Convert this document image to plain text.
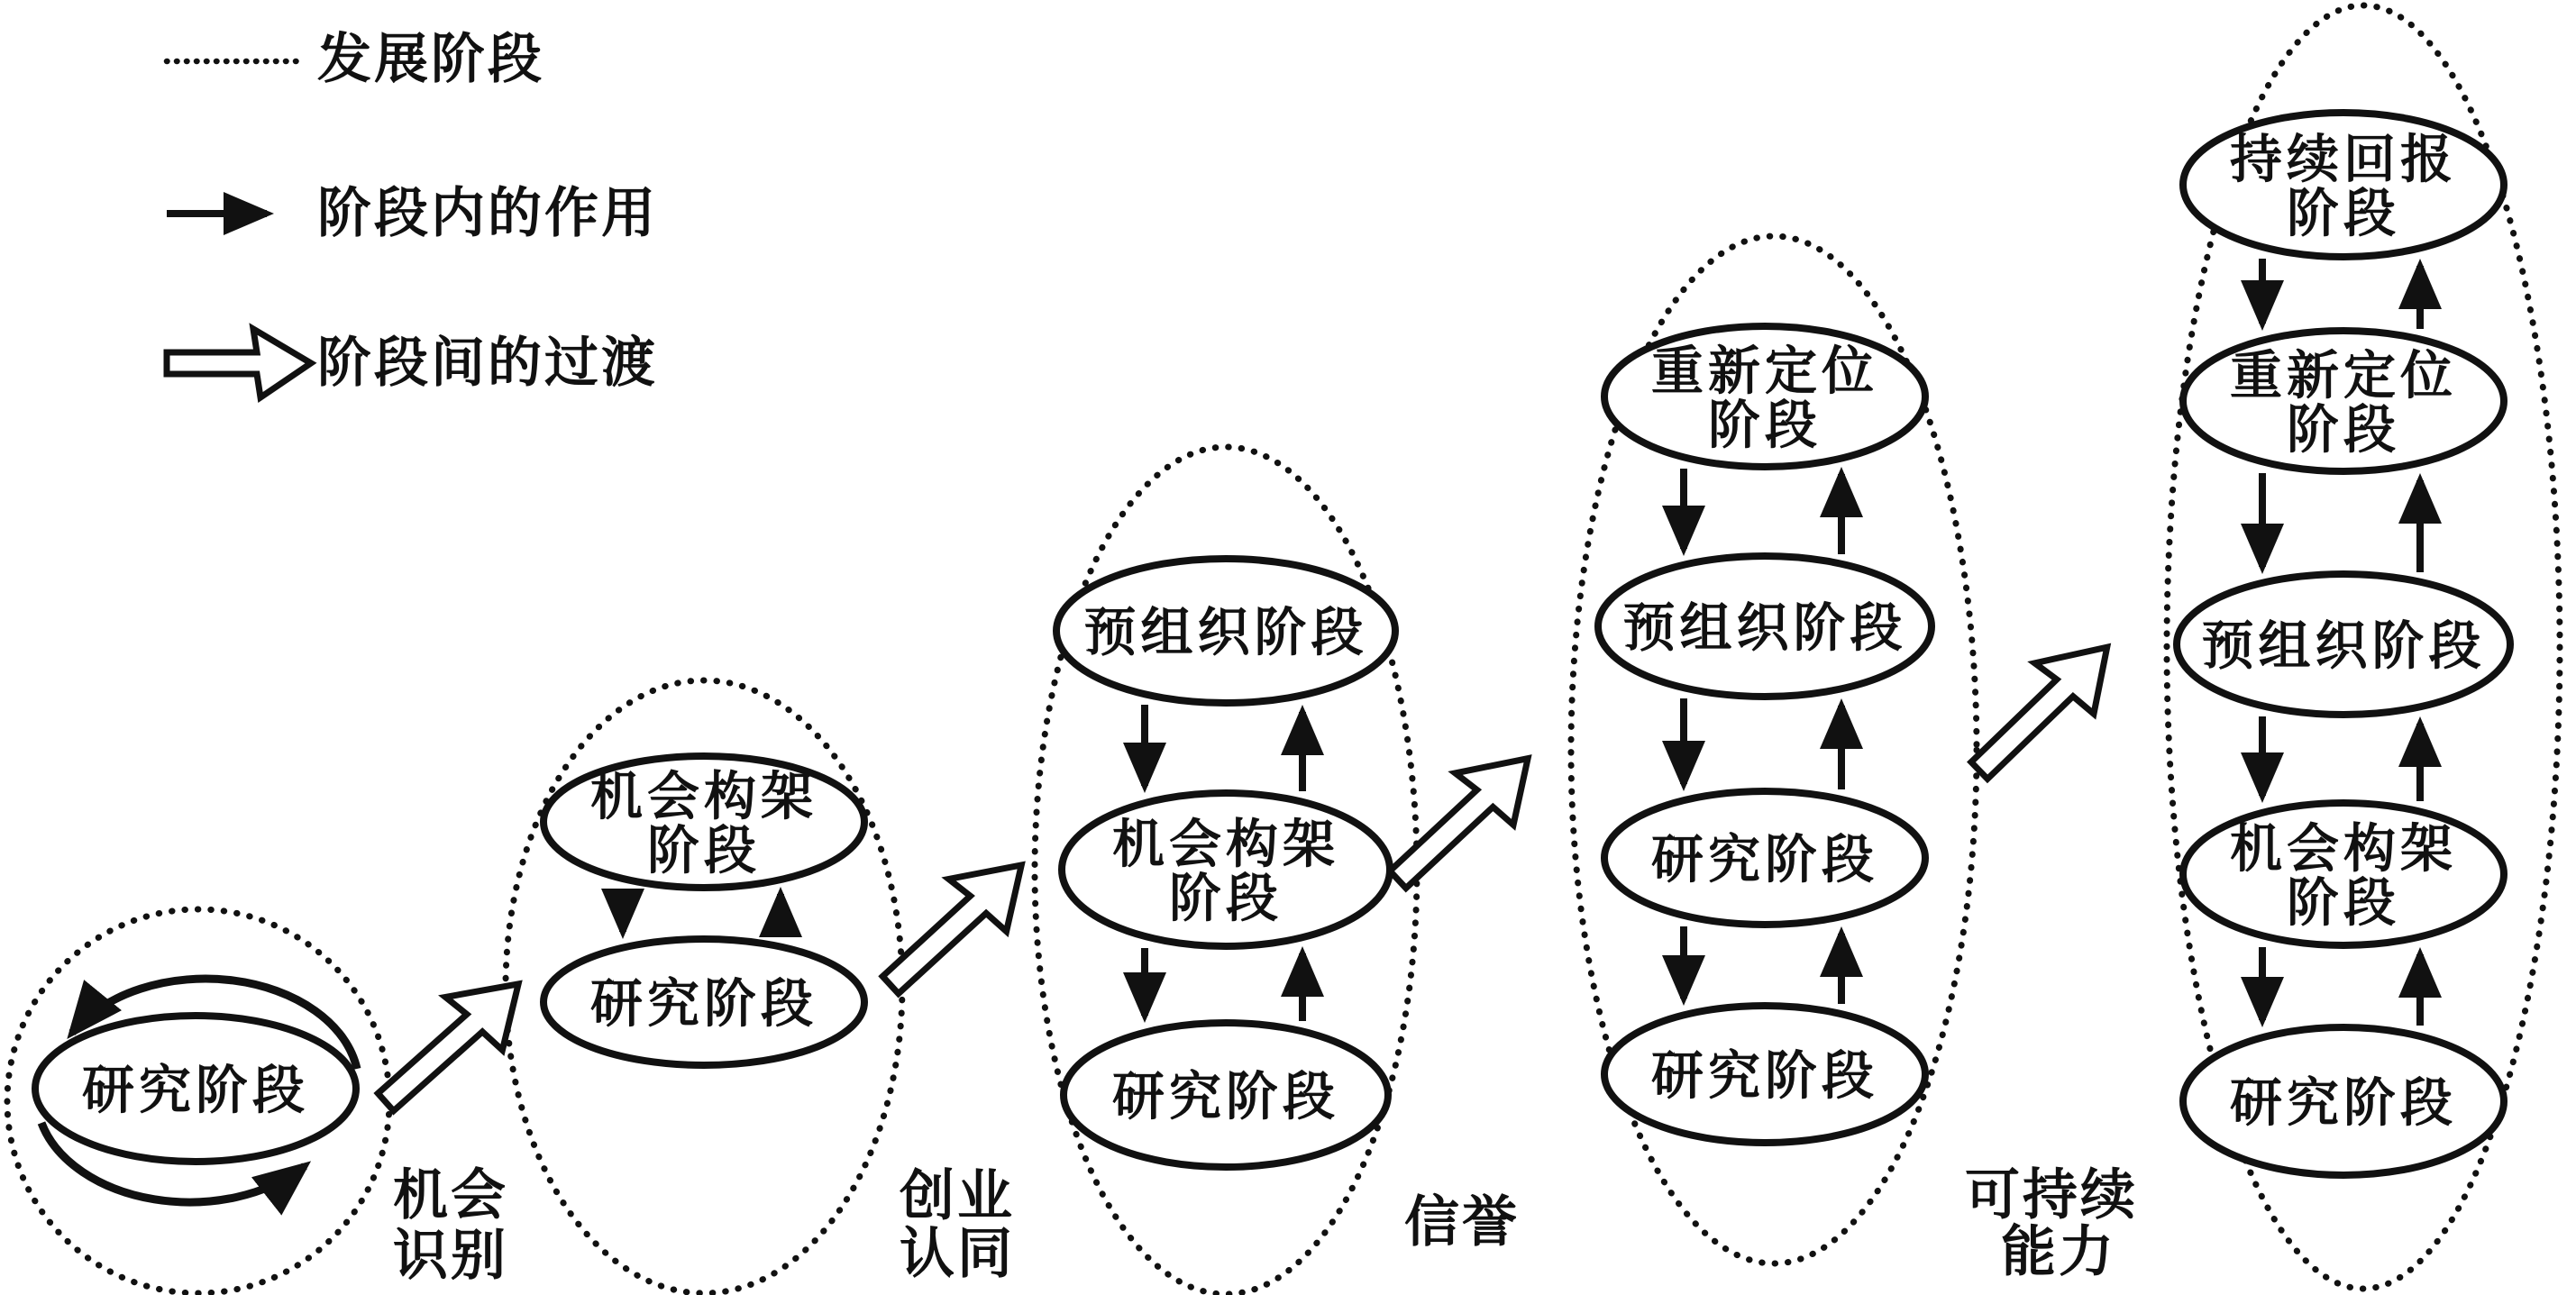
发展阶段
阶段内的作用
阶段间的过渡
研究阶段
机会构架
阶段
研究阶段
预组织阶段
机会构架
阶段
研究阶段
重新定位
阶段
预组织阶段
研究阶段
研究阶段
持续回报
阶段
重新定位
阶段
预组织阶段
机会构架
阶段
研究阶段
机会
识别
创业
认同
信誉	可持续
能力
